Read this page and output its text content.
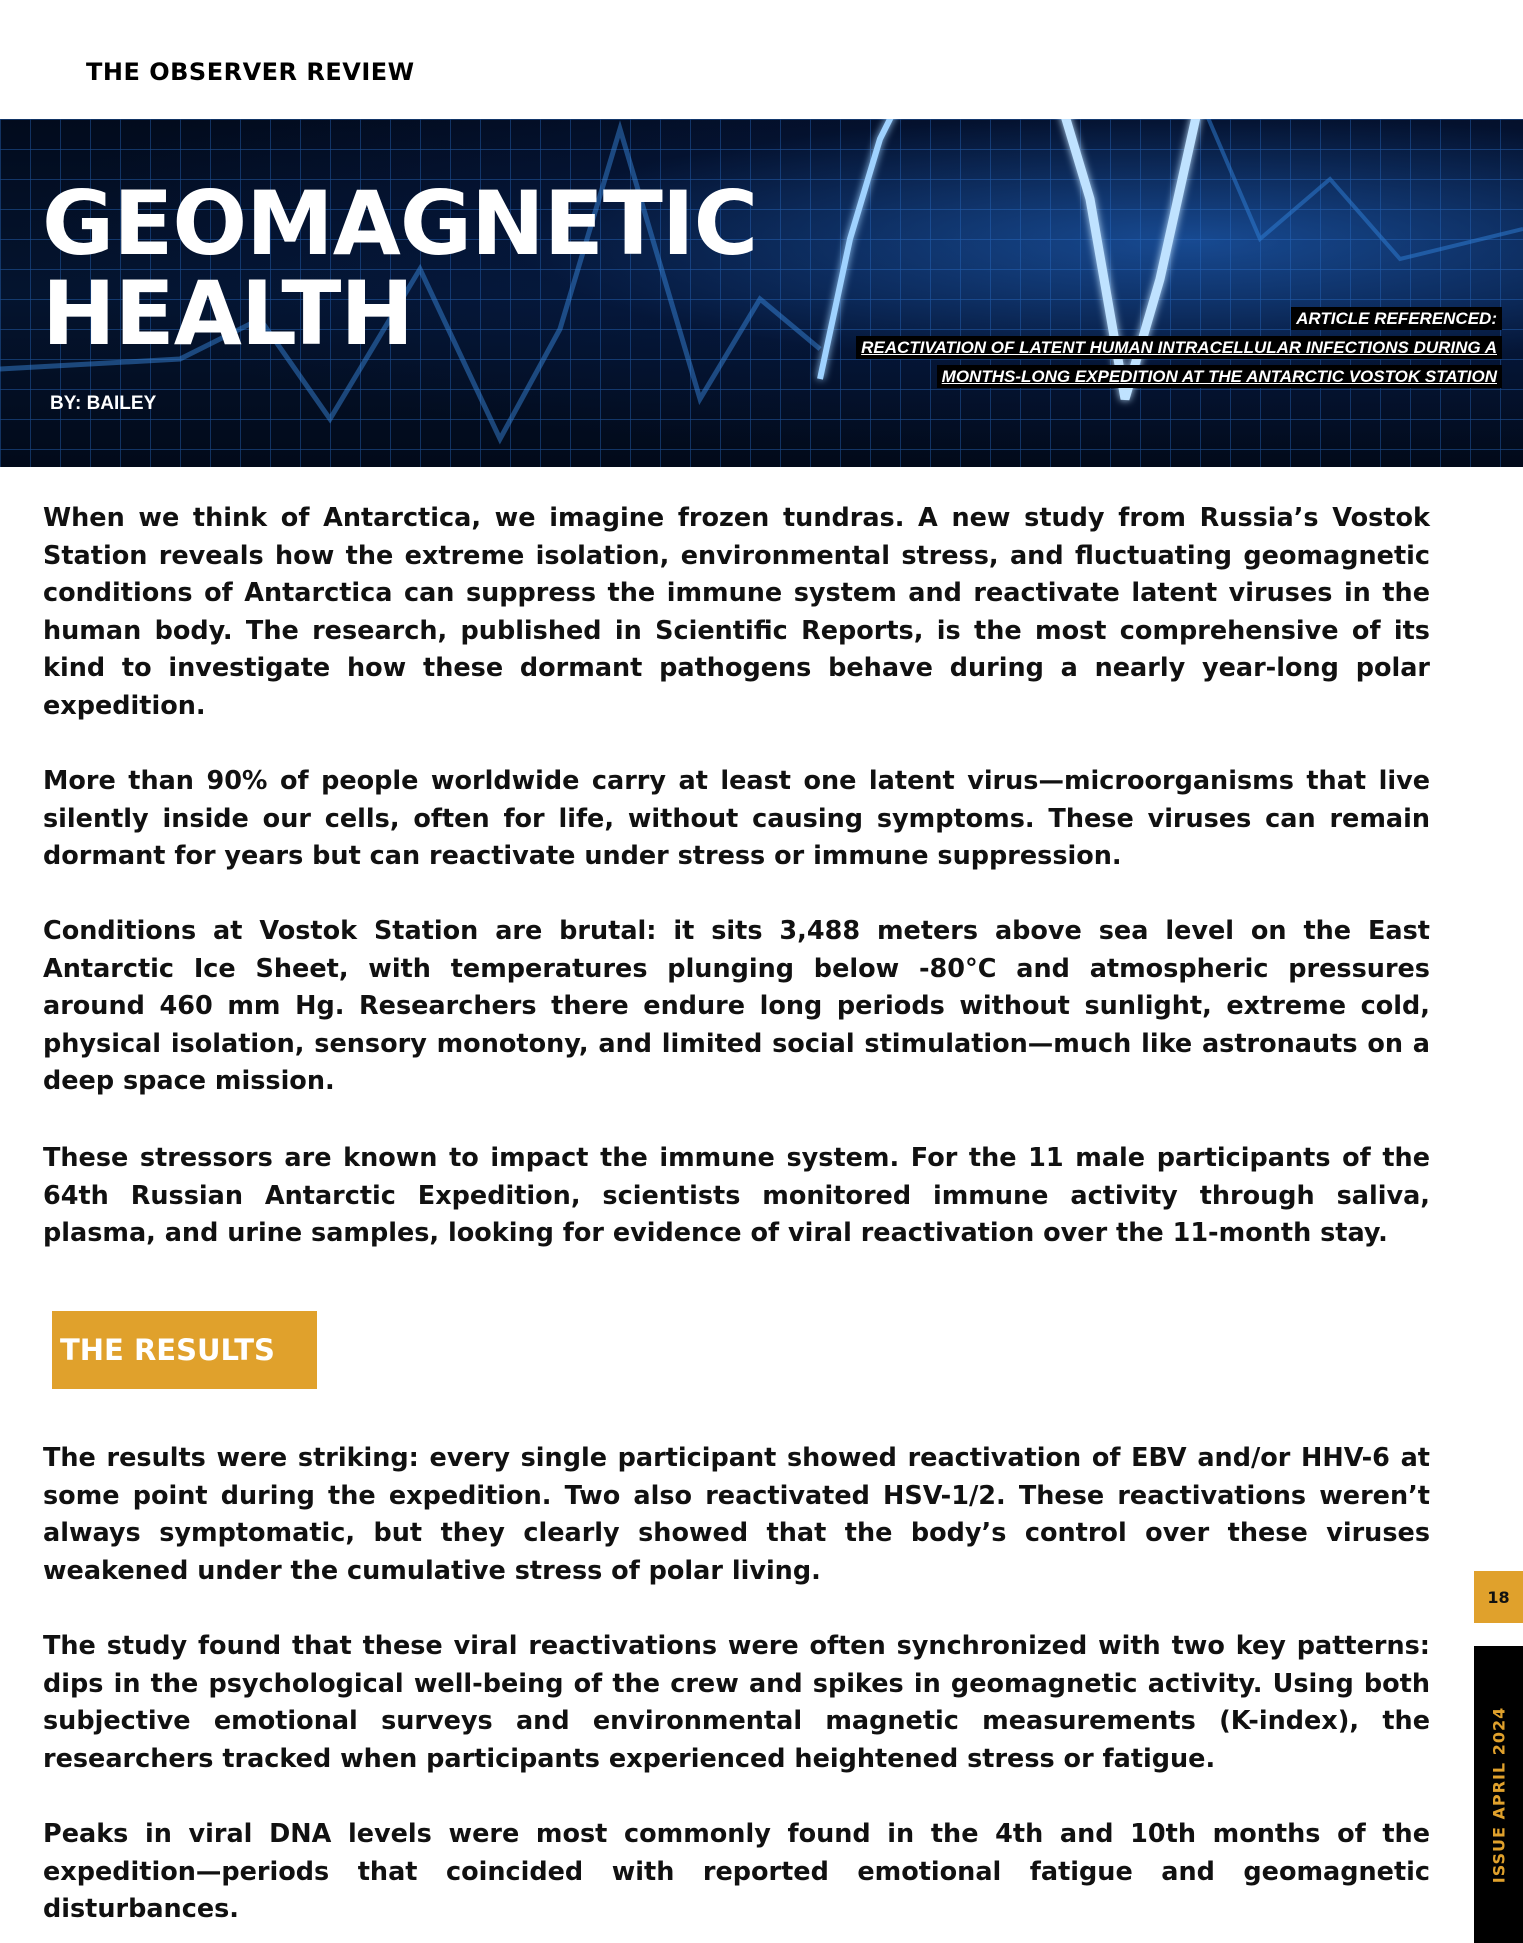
THE OBSERVER REVIEW
GEOMAGNETIC
HEALTH
BY: BAILEY
ARTICLE REFERENCED:
REACTIVATION OF LATENT HUMAN INTRACELLULAR INFECTIONS DURING A
MONTHS-LONG EXPEDITION AT THE ANTARCTIC VOSTOK STATION

When we think of Antarctica, we imagine frozen tundras. A new study from Russia’s Vostok Station reveals how the extreme isolation, environmental stress, and fluctuating geomagnetic conditions of Antarctica can suppress the immune system and reactivate latent viruses in the human body. The research, published in Scientific Reports, is the most comprehensive of its kind to investigate how these dormant pathogens behave during a nearly year-long polar expedition.

More than 90% of people worldwide carry at least one latent virus—microorganisms that live silently inside our cells, often for life, without causing symptoms. These viruses can remain dormant for years but can reactivate under stress or immune suppression.

Conditions at Vostok Station are brutal: it sits 3,488 meters above sea level on the East Antarctic Ice Sheet, with temperatures plunging below -80°C and atmospheric pressures around 460 mm Hg. Researchers there endure long periods without sunlight, extreme cold, physical isolation, sensory monotony, and limited social stimulation—much like astronauts on a deep space mission.

These stressors are known to impact the immune system. For the 11 male participants of the 64th Russian Antarctic Expedition, scientists monitored immune activity through saliva, plasma, and urine samples, looking for evidence of viral reactivation over the 11-month stay.

THE RESULTS

The results were striking: every single participant showed reactivation of EBV and/or HHV-6 at some point during the expedition. Two also reactivated HSV-1/2. These reactivations weren’t always symptomatic, but they clearly showed that the body’s control over these viruses weakened under the cumulative stress of polar living.

The study found that these viral reactivations were often synchronized with two key patterns: dips in the psychological well-being of the crew and spikes in geomagnetic activity. Using both subjective emotional surveys and environmental magnetic measurements (K-index), the researchers tracked when participants experienced heightened stress or fatigue.

Peaks in viral DNA levels were most commonly found in the 4th and 10th months of the expedition—periods that coincided with reported emotional fatigue and geomagnetic disturbances.

18
ISSUE APRIL 2024
